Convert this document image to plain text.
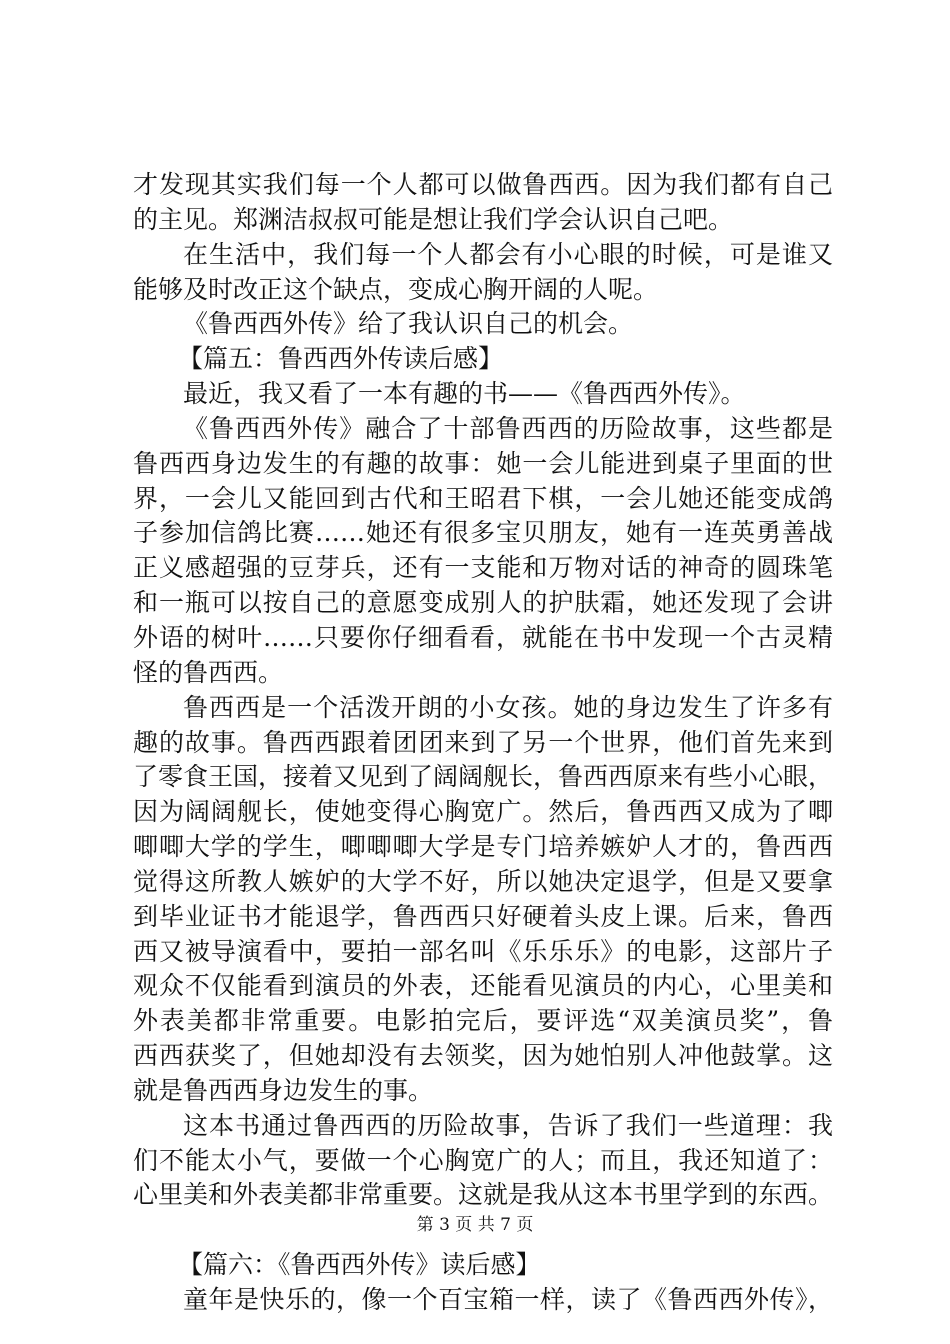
才发现其实我们每一个人都可以做鲁西西。因为我们都有自己
的主见。郑渊洁叔叔可能是想让我们学会认识自己吧。
在生活中，我们每一个人都会有小心眼的时候，可是谁又
能够及时改正这个缺点，变成心胸开阔的人呢。
《鲁西西外传》给了我认识自己的机会。
【篇五：鲁西西外传读后感】
最近，我又看了一本有趣的书——《鲁西西外传》。
《鲁西西外传》融合了十部鲁西西的历险故事，这些都是
鲁西西身边发生的有趣的故事：她一会儿能进到桌子里面的世
界，一会儿又能回到古代和王昭君下棋，一会儿她还能变成鸽
子参加信鸽比赛……她还有很多宝贝朋友，她有一连英勇善战
正义感超强的豆芽兵，还有一支能和万物对话的神奇的圆珠笔
和一瓶可以按自己的意愿变成别人的护肤霜，她还发现了会讲
外语的树叶……只要你仔细看看，就能在书中发现一个古灵精
怪的鲁西西。
鲁西西是一个活泼开朗的小女孩。她的身边发生了许多有
趣的故事。鲁西西跟着团团来到了另一个世界，他们首先来到
了零食王国，接着又见到了阔阔舰长，鲁西西原来有些小心眼，
因为阔阔舰长，使她变得心胸宽广。然后，鲁西西又成为了唧
唧唧大学的学生，唧唧唧大学是专门培养嫉妒人才的，鲁西西
觉得这所教人嫉妒的大学不好，所以她决定退学，但是又要拿
到毕业证书才能退学，鲁西西只好硬着头皮上课。后来，鲁西
西又被导演看中，要拍一部名叫《乐乐乐》的电影，这部片子
观众不仅能看到演员的外表，还能看见演员的内心，心里美和
外表美都非常重要。电影拍完后，要评选“双美演员奖”，鲁
西西获奖了，但她却没有去领奖，因为她怕别人冲他鼓掌。这
就是鲁西西身边发生的事。
这本书通过鲁西西的历险故事，告诉了我们一些道理：我
们不能太小气，要做一个心胸宽广的人；而且，我还知道了：
心里美和外表美都非常重要。这就是我从这本书里学到的东西。
【篇六：《鲁西西外传》读后感】
童年是快乐的，像一个百宝箱一样，读了《鲁西西外传》，
第 3 页 共 7 页
